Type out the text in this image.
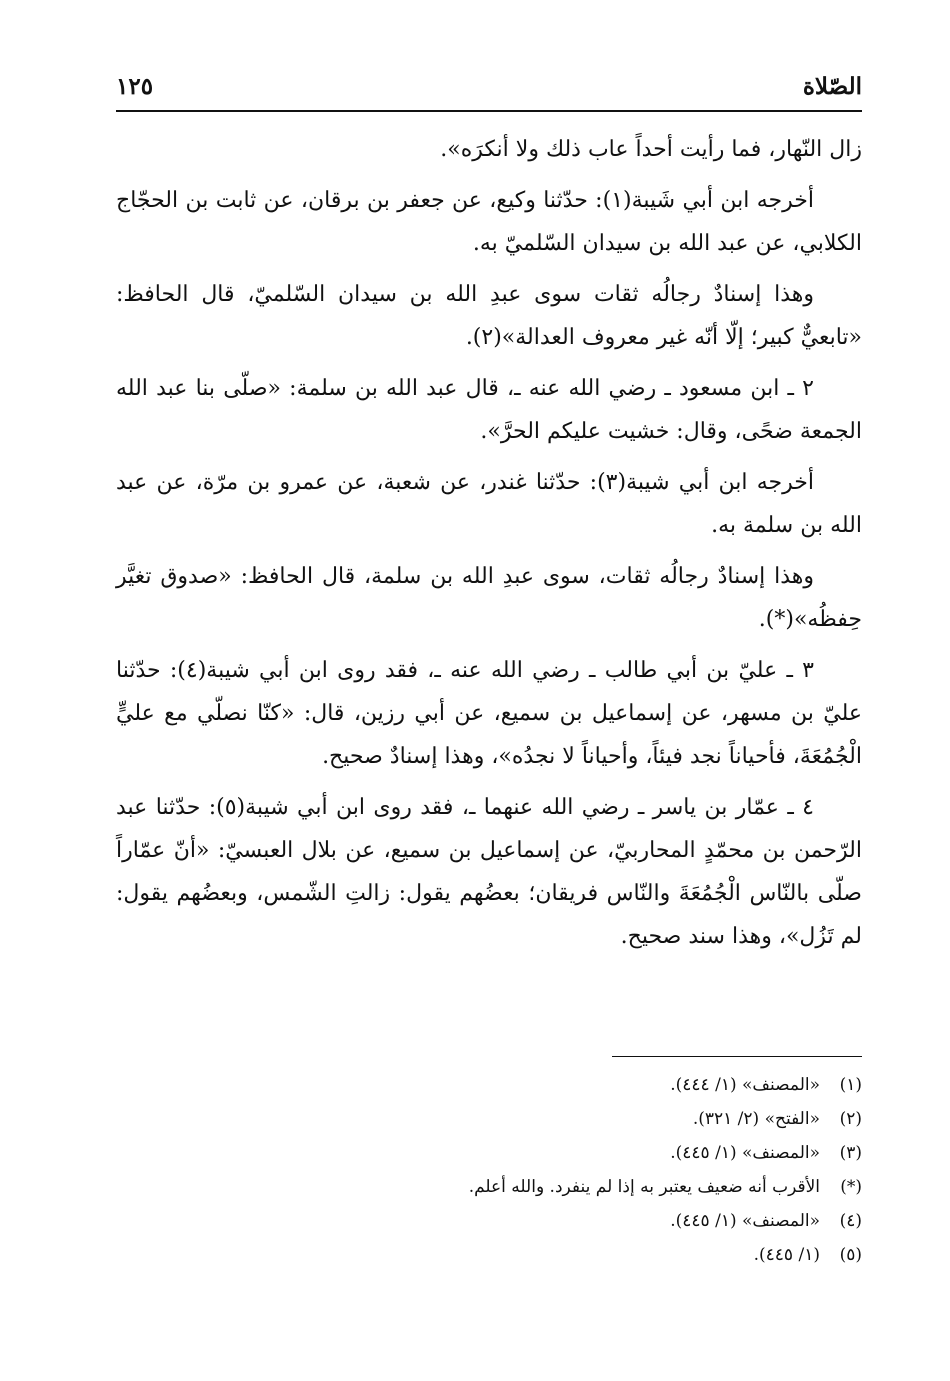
الصّلاة
١٢٥

زال النّهار، فما رأيت أحداً عاب ذلك ولا أنكرَه».

أخرجه ابن أبي شَيبة(١): حدّثنا وكيع، عن جعفر بن برقان، عن ثابت بن الحجّاج الكلابي، عن عبد الله بن سيدان السّلميّ به.

وهذا إسنادٌ رجالُه ثقات سوى عبدِ الله بن سيدان السّلميّ، قال الحافظ: «تابعيٌّ كبير؛ إلّا أنّه غير معروف العدالة»(٢).

٢ ـ ابن مسعود ـ رضي الله عنه ـ، قال عبد الله بن سلمة: «صلّى بنا عبد الله الجمعة ضحًى، وقال: خشيت عليكم الحرَّ».

أخرجه ابن أبي شيبة(٣): حدّثنا غندر، عن شعبة، عن عمرو بن مرّة، عن عبد الله بن سلمة به.

وهذا إسنادٌ رجالُه ثقات، سوى عبدِ الله بن سلمة، قال الحافظ: «صدوق تغيَّر حِفظُه»(*).

٣ ـ عليّ بن أبي طالب ـ رضي الله عنه ـ، فقد روى ابن أبي شيبة(٤): حدّثنا عليّ بن مسهر، عن إسماعيل بن سميع، عن أبي رزين، قال: «كنّا نصلّي مع عليٍّ الْجُمُعَةَ، فأحياناً نجد فيئاً، وأحياناً لا نجدُه»، وهذا إسنادٌ صحيح.

٤ ـ عمّار بن ياسر ـ رضي الله عنهما ـ، فقد روى ابن أبي شيبة(٥): حدّثنا عبد الرّحمن بن محمّدٍ المحاربيّ، عن إسماعيل بن سميع، عن بلال العبسيّ: «أنّ عمّاراً صلّى بالنّاس الْجُمُعَةَ والنّاس فريقان؛ بعضُهم يقول: زالتِ الشّمس، وبعضُهم يقول: لم تَزُل»، وهذا سند صحيح.

(١)
«المصنف» (١/ ٤٤٤).
(٢)
«الفتح» (٢/ ٣٢١).
(٣)
«المصنف» (١/ ٤٤٥).
(*)
الأقرب أنه ضعيف يعتبر به إذا لم ينفرد. والله أعلم.
(٤)
«المصنف» (١/ ٤٤٥).
(٥)
(١/ ٤٤٥).
